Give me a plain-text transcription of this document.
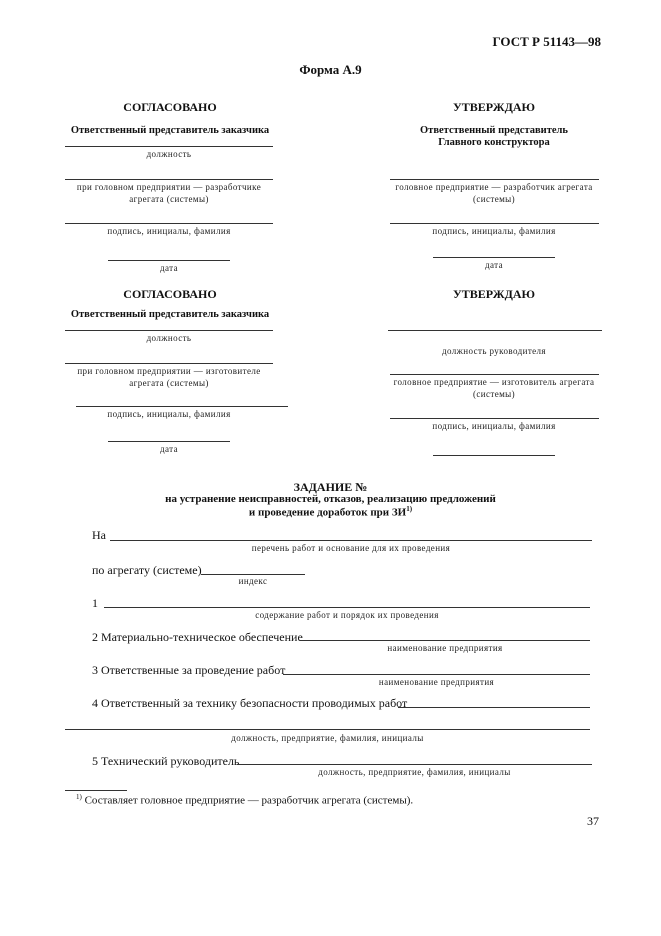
ГОСТ Р 51143—98
Форма А.9
СОГЛАСОВАНО
Ответственный представитель заказчика
должность
при головном предприятии — разработчике
агрегата (системы)
подпись, инициалы, фамилия
дата
УТВЕРЖДАЮ
Ответственный представитель
Главного конструктора
головное предприятие — разработчик агрегата
(системы)
подпись, инициалы, фамилия
дата
СОГЛАСОВАНО
Ответственный представитель заказчика
должность
при головном предприятии — изготовителе
агрегата (системы)
подпись, инициалы, фамилия
дата
УТВЕРЖДАЮ
должность руководителя
головное предприятие — изготовитель агрегата
(системы)
подпись, инициалы, фамилия
ЗАДАНИЕ №
на устранение неисправностей, отказов, реализацию предложений
и проведение доработок при ЗИ$^{1)}$
На
перечень работ и основание для их проведения
по агрегату (системе)
индекс
1
содержание работ и порядок их проведения
2 Материально-техническое обеспечение
наименование предприятия
3 Ответственные за проведение работ
наименование предприятия
4 Ответственный за технику безопасности проводимых работ
должность, предприятие, фамилия, инициалы
5 Технический руководитель
должность, предприятие, фамилия, инициалы
$^{1)}$ Составляет головное предприятие — разработчик агрегата (системы).
37
